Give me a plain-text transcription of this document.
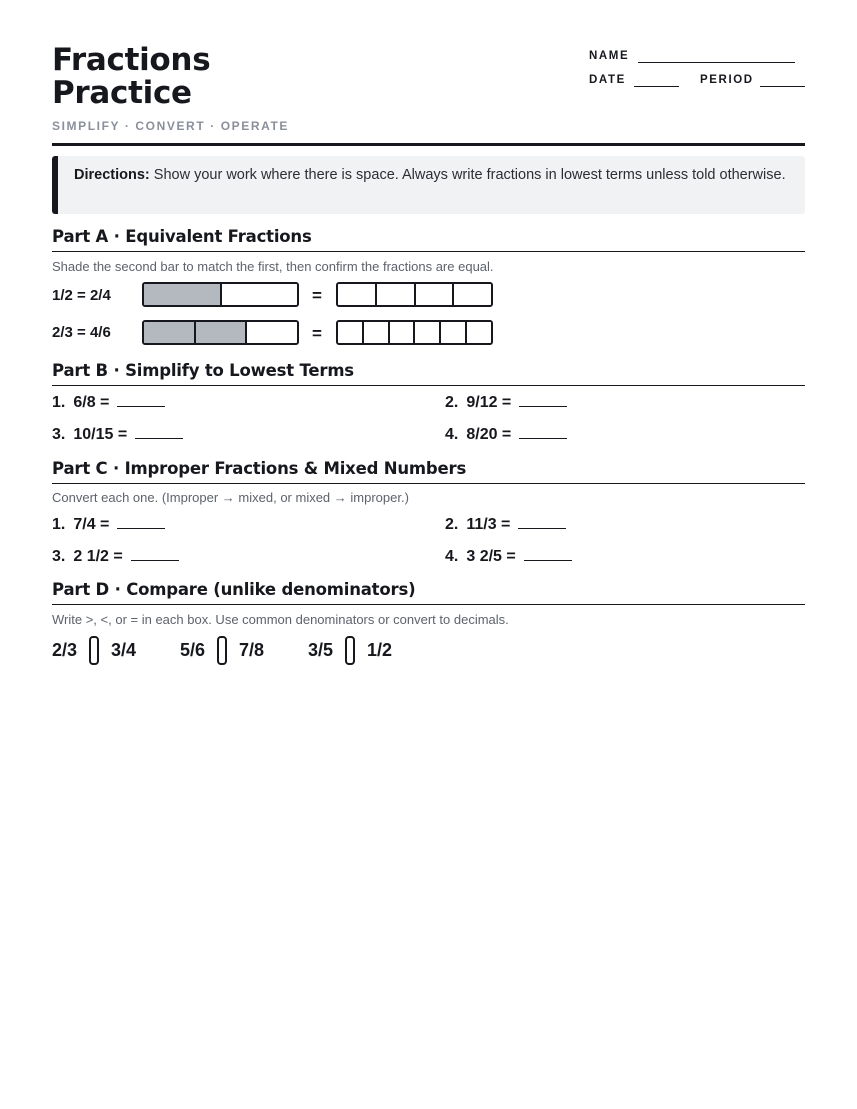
Fractions
Practice
SIMPLIFY · CONVERT · OPERATE
NAME
DATE	PERIOD
Directions: Show your work where there is space. Always write fractions in lowest terms unless told otherwise.
Part A · Equivalent Fractions
Shade the second bar to match the first, then confirm the fractions are equal.
1/2 = 2/4	=
2/3 = 4/6	=
Part B · Simplify to Lowest Terms
1. 6/8 =	2. 9/12 =
3. 10/15 =	4. 8/20 =
Part C · Improper Fractions & Mixed Numbers
Convert each one. (Improper → mixed, or mixed → improper.)
1. 7/4 =	2. 11/3 =
3. 2 1/2 =	4. 3 2/5 =
Part D · Compare (unlike denominators)
Write >, <, or = in each box. Use common denominators or convert to decimals.
2/3 3/4 5/6 7/8 3/5 1/2
